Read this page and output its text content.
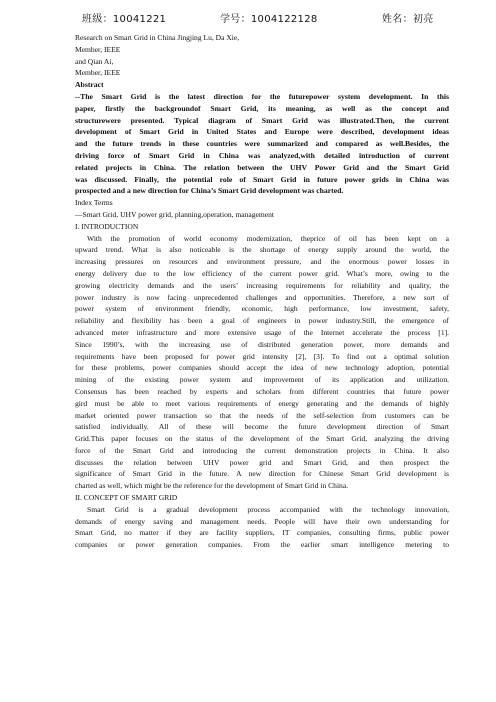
班级：10041221	学号：1004122128	姓名：初亮
Research on Smart Grid in China Jingjing Lu, Da Xie,
Member, IEEE
and Qian Ai,
Member, IEEE
Abstract
--The Smart Grid is the latest direction for the futurepower system development. In this
paper, firstly the backgroundof Smart Grid, its meaning, as well as the concept and
structurewere presented. Typical diagram of Smart Grid was illustrated.Then, the current
development of Smart Grid in United States and Europe were described, development ideas
and the future trends in these countries were summarized and compared as well.Besides, the
driving force of Smart Grid in China was analyzed,with detailed introduction of current
related projects in China. The relation between the UHV Power Grid and the Smart Grid
was discussed. Finally, the potential role of Smart Grid in future power grids in China was
prospected and a new direction for China’s Smart Grid development was charted.
Index Terms
—Smart Grid, UHV power grid, planning,operation, management
I. INTRODUCTION
With the promotion of world economy modernization, theprice of oil has been kept on a
upward trend. What is also noticeable is the shortage of energy supply around the world, the
increasing pressures on resources and environment pressure, and the enormous power losses in
energy delivery due to the low efficiency of the current power grid. What’s more, owing to the
growing electricity demands and the users’ increasing requirements for reliability and quality, the
power industry is now facing unprecedented challenges and opportunities. Therefore, a new sort of
power system of environment friendly, economic, high performance, low investment, safety,
reliability and flexibility has been a goal of engineers in power industry.Still, the emergence of
advanced meter infrastructure and more extensive usage of the Internet accelerate the process [1].
Since 1990’s, with the increasing use of distributed generation power, more demands and
requirements have been proposed for power grid intensity [2], [3]. To find out a optimal solution
for these problems, power companies should accept the idea of new technology adoption, potential
mining of the existing power system and improvement of its application and utilization.
Consensus has been reached by experts and scholars from different countries that future power
gird must be able to meet various requirements of energy generating and the demands of highly
market oriented power transaction so that the needs of the self-selection from customers can be
satisfied individually. All of these will become the future development direction of Smart
Grid.This paper focuses on the status of the development of the Smart Grid, analyzing the driving
force of the Smart Grid and introducing the current demonstration projects in China. It also
discusses the relation between UHV power grid and Smart Grid, and then prospect the
significance of Smart Grid in the future. A new direction for Chinese Smart Grid development is
charted as well, which might be the reference for the development of Smart Grid in China.
II. CONCEPT OF SMART GRID
Smart Grid is a gradual development process accompanied with the technology innovation,
demands of energy saving and management needs. People will have their own understanding for
Smart Grid, no matter if they are facility suppliers, IT companies, consulting firms, public power
companies or power generation companies. From the earlier smart intelligence metering to
